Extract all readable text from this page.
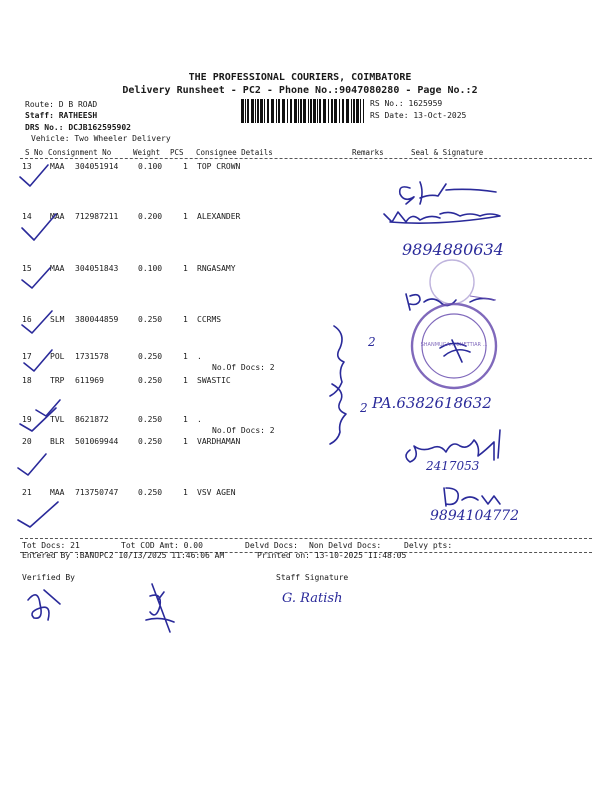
THE PROFESSIONAL COURIERS, COIMBATORE
Delivery Runsheet - PC2 - Phone No.:9047080280 - Page No.:2
Route: D B ROAD
Staff: RATHEESH
DRS No.: DCJB162595902
Vehicle: Two Wheeler Delivery
RS No.: 1625959
RS Date: 13-Oct-2025
S No Consignment No	Weight PCS Consignee Details	Remarks	Seal & Signature
13 MAA 304051914 0.100	1 TOP CROWN
14 MAA 712987211 0.200	1 ALEXANDER
15 MAA 304051843 0.100	1 RNGASAMY
16 SLM 380044859 0.250	1 CCRMS
17 POL 1731578	0.250	1 .
No.Of Docs: 2
18 TRP 611969	0.250	1 SWASTIC
19 TVL 8621872	0.250	1 .
No.Of Docs: 2
20 BLR 501069944 0.250	1 VARDHAMAN
21 MAA 713750747 0.250	1 VSV AGEN
Tot Docs: 21	Tot COD Amt: 0.00	Delvd Docs: Non Delvd Docs:	Delvy pts:
Entered By :BANUPC2 10/13/2025 11:46:06 AM	Printed on: 13-10-2025 11:48:05
Verified By	Staff Signature
9894880634
2
2 PA.6382618632
2417053
9894104772
G. Ratish
SHANMUGA... CHETTIAR ...
